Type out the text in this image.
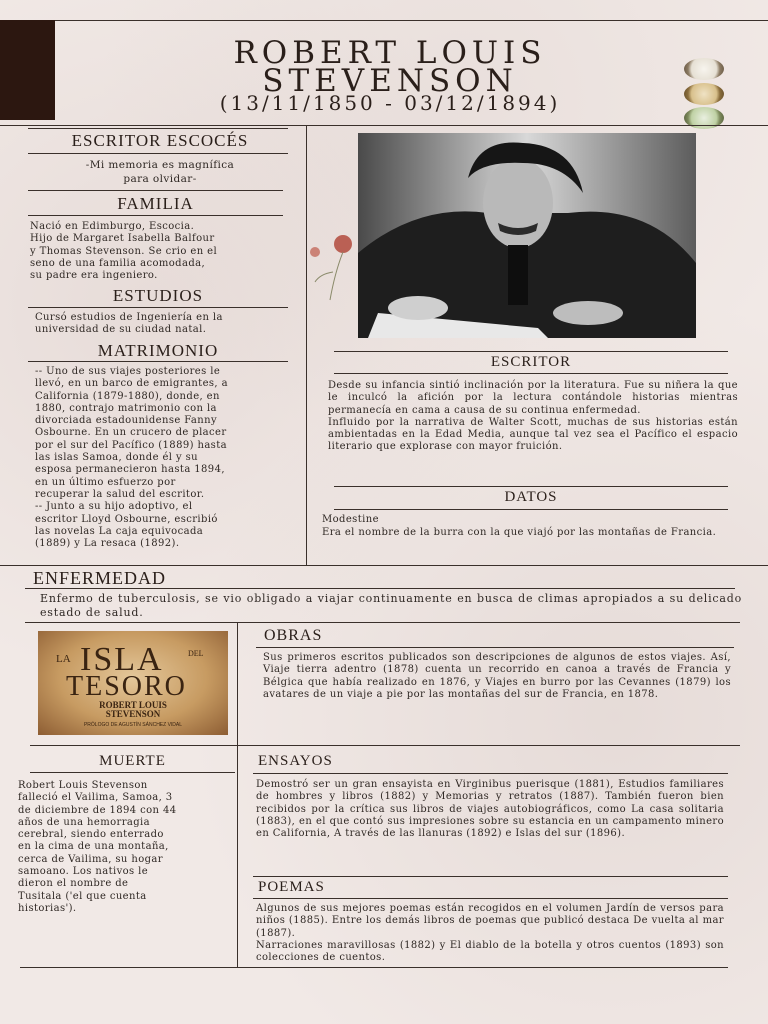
ROBERT LOUIS
STEVENSON
(13/11/1850 - 03/12/1894)
ESCRITOR ESCOCÉS
-Mi memoria es magnífica
para olvidar-
FAMILIA
Nació en Edimburgo, Escocia.
Hijo de Margaret Isabella Balfour
y Thomas Stevenson. Se crio en el
seno de una familia acomodada,
su padre era ingeniero.
ESTUDIOS
Cursó estudios de Ingeniería en la
universidad de su ciudad natal.
MATRIMONIO
-- Uno de sus viajes posteriores le
llevó, en un barco de emigrantes, a
California (1879-1880), donde, en
1880, contrajo matrimonio con la
divorciada estadounidense Fanny
Osbourne. En un crucero de placer
por el sur del Pacífico (1889) hasta
las islas Samoa, donde él y su
esposa permanecieron hasta 1894,
en un último esfuerzo por
recuperar la salud del escritor.
-- Junto a su hijo adoptivo, el
escritor Lloyd Osbourne, escribió
las novelas La caja equivocada
(1889) y La resaca (1892).
ESCRITOR
Desde su infancia sintió inclinación por la literatura. Fue su niñera la que le inculcó la afición por la lectura contándole historias mientras permanecía en cama a causa de su continua enfermedad.
Influido por la narrativa de Walter Scott, muchas de sus historias están ambientadas en la Edad Media, aunque tal vez sea el Pacífico el espacio literario que explorase con mayor fruición.
DATOS
Modestine
Era el nombre de la burra con la que viajó por las montañas de Francia.
ENFERMEDAD
Enfermo de tuberculosis, se vio obligado a viajar continuamente en busca de climas apropiados a su delicado estado de salud.
LA ISLA	DEL
TESORO
ROBERT LOUIS
STEVENSON
PRÓLOGO DE AGUSTÍN SÁNCHEZ VIDAL
OBRAS
Sus primeros escritos publicados son descripciones de algunos de estos viajes. Así, Viaje tierra adentro (1878) cuenta un recorrido en canoa a través de Francia y Bélgica que había realizado en 1876, y Viajes en burro por las Cevannes (1879) los avatares de un viaje a pie por las montañas del sur de Francia, en 1878.
MUERTE
Robert Louis Stevenson
falleció el Vailima, Samoa, 3
de diciembre de 1894 con 44
años de una hemorragia
cerebral, siendo enterrado
en la cima de una montaña,
cerca de Vailima, su hogar
samoano. Los nativos le
dieron el nombre de
Tusitala ('el que cuenta
historias').
ENSAYOS
Demostró ser un gran ensayista en Virginibus puerisque (1881), Estudios familiares de hombres y libros (1882) y Memorias y retratos (1887). También fueron bien recibidos por la crítica sus libros de viajes autobiográficos, como La casa solitaria (1883), en el que contó sus impresiones sobre su estancia en un campamento minero en California, A través de las llanuras (1892) e Islas del sur (1896).
POEMAS
Algunos de sus mejores poemas están recogidos en el volumen Jardín de versos para niños (1885). Entre los demás libros de poemas que publicó destaca De vuelta al mar (1887).
Narraciones maravillosas (1882) y El diablo de la botella y otros cuentos (1893) son colecciones de cuentos.
